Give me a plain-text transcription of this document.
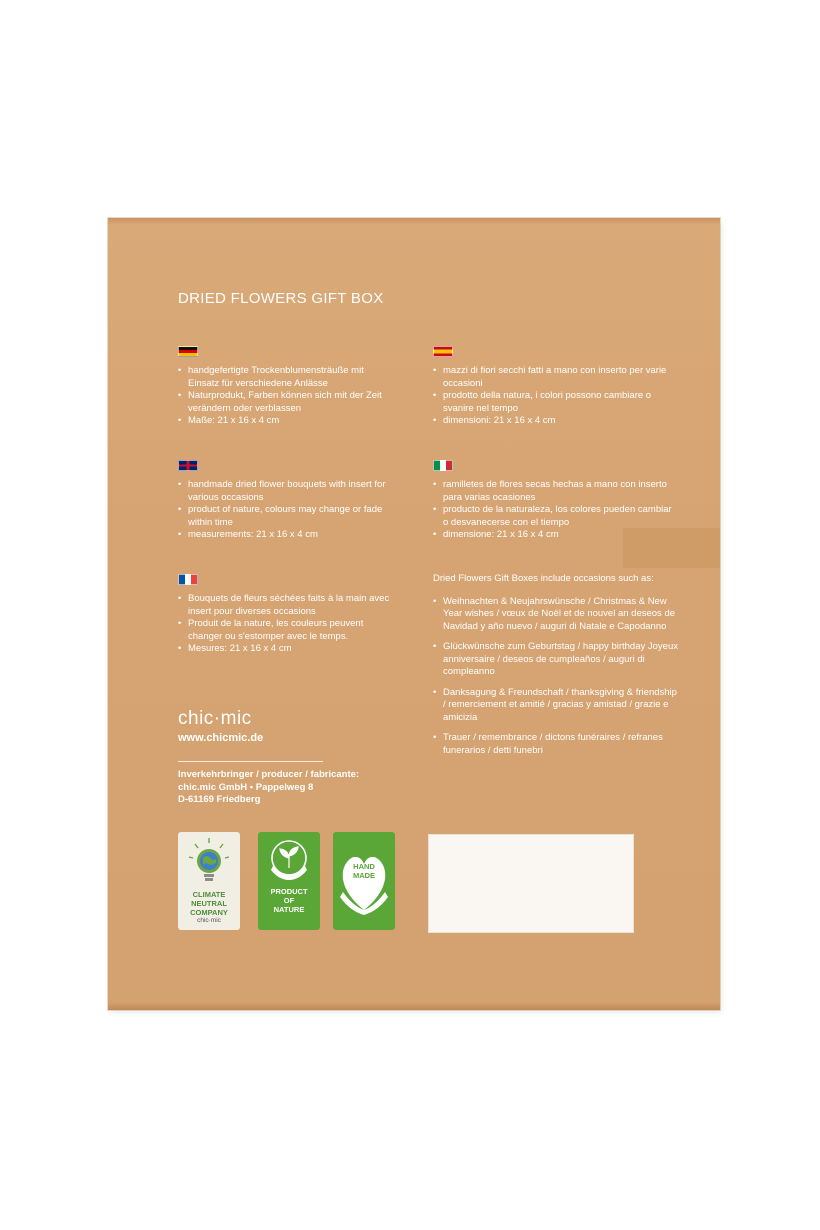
DRIED FLOWERS GIFT BOX
• handgefertigte Trockenblumensträuße mit Einsatz für verschiedene Anlässe
• Naturprodukt, Farben können sich mit der Zeit verändern oder verblassen
• Maße: 21 x 16 x 4 cm
• handmade dried flower bouquets with insert for various occasions
• product of nature, colours may change or fade within time
• measurements: 21 x 16 x 4 cm
• Bouquets de fleurs séchées faits à la main avec insert pour diverses occasions
• Produit de la nature, les couleurs peuvent changer ou s'estomper avec le temps.
• Mesures: 21 x 16 x 4 cm
• mazzi di fiori secchi fatti a mano con inserto per varie occasioni
• prodotto della natura, i colori possono cambiare o svanire nel tempo
• dimensioni: 21 x 16 x 4 cm
• ramilletes de flores secas hechas a mano con inserto para varias ocasiones
• producto de la naturaleza, los colores pueden cambiar o desvanecerse con el tiempo
• dimensione: 21 x 16 x 4 cm
Dried Flowers Gift Boxes include occasions such as:
• Weihnachten & Neujahrswünsche / Christmas & New Year wishes / vœux de Noël et de nouvel an deseos de Navidad y año nuevo / auguri di Natale e Capodanno
• Glückwünsche zum Geburtstag / happy birthday Joyeux anniversaire / deseos de cumpleaños / auguri di compleanno
• Danksagung & Freundschaft / thanksgiving & friendship / remerciement et amitié / gracias y amistad / grazie e amicizia
• Trauer / remembrance / dictons funéraires / refranes funerarios / detti funebri
chic·mic
www.chicmic.de
Inverkehrbringer / producer / fabricante:
chic.mic GmbH • Pappelweg 8
D-61169 Friedberg
CLIMATE
NEUTRAL
COMPANY
chic·mic
PRODUCT
OF
NATURE
HAND
MADE
